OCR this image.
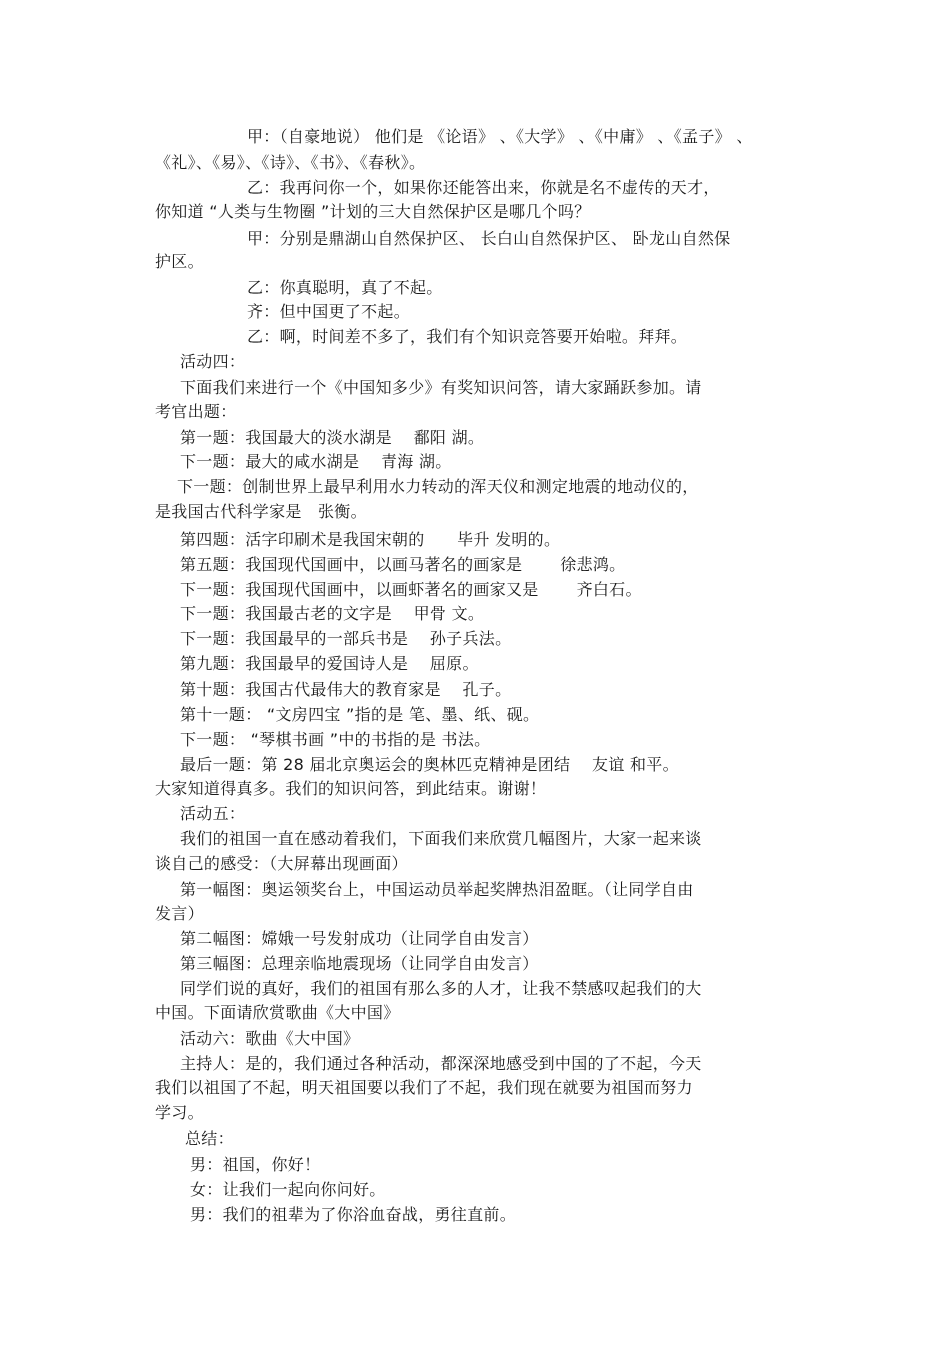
甲：（自豪地说） 他们是 《论语》 、《大学》 、《中庸》 、《孟子》 、
《礼》、《易》、《诗》、《书》、《春秋》。
乙：我再问你一个，如果你还能答出来，你就是名不虚传的天才，
你知道 “人类与生物圈 ”计划的三大自然保护区是哪几个吗？
甲：分别是鼎湖山自然保护区、 长白山自然保护区、 卧龙山自然保
护区。
乙：你真聪明，真了不起。
齐：但中国更了不起。
乙：啊，时间差不多了，我们有个知识竞答要开始啦。拜拜。
活动四：
下面我们来进行一个《中国知多少》有奖知识问答，请大家踊跃参加。请
考官出题：
第一题：我国最大的淡水湖是　 鄱阳 湖。
下一题：最大的咸水湖是　 青海 湖。
下一题：创制世界上最早利用水力转动的浑天仪和测定地震的地动仪的，
是我国古代科学家是　张衡。
第四题：活字印刷术是我国宋朝的　　毕升 发明的。
第五题：我国现代国画中，以画马著名的画家是　　 徐悲鸿。
下一题：我国现代国画中，以画虾著名的画家又是　　 齐白石。
下一题：我国最古老的文字是　 甲骨 文。
下一题：我国最早的一部兵书是　 孙子兵法。
第九题：我国最早的爱国诗人是　 屈原。
第十题：我国古代最伟大的教育家是　 孔子。
第十一题： “文房四宝 ”指的是 笔、墨、纸、砚。
下一题： “琴棋书画 ”中的书指的是 书法。
最后一题：第 28 届北京奥运会的奥林匹克精神是团结　 友谊 和平。
大家知道得真多。我们的知识问答，到此结束。谢谢！
活动五：
我们的祖国一直在感动着我们，下面我们来欣赏几幅图片，大家一起来谈
谈自己的感受：（大屏幕出现画面）
第一幅图：奥运领奖台上，中国运动员举起奖牌热泪盈眶。（让同学自由
发言）
第二幅图：嫦娥一号发射成功（让同学自由发言）
第三幅图：总理亲临地震现场（让同学自由发言）
同学们说的真好，我们的祖国有那么多的人才，让我不禁感叹起我们的大
中国。下面请欣赏歌曲《大中国》
活动六：歌曲《大中国》
主持人：是的，我们通过各种活动，都深深地感受到中国的了不起，今天
我们以祖国了不起，明天祖国要以我们了不起，我们现在就要为祖国而努力
学习。
总结：
男：祖国，你好！
女：让我们一起向你问好。
男：我们的祖辈为了你浴血奋战，勇往直前。
